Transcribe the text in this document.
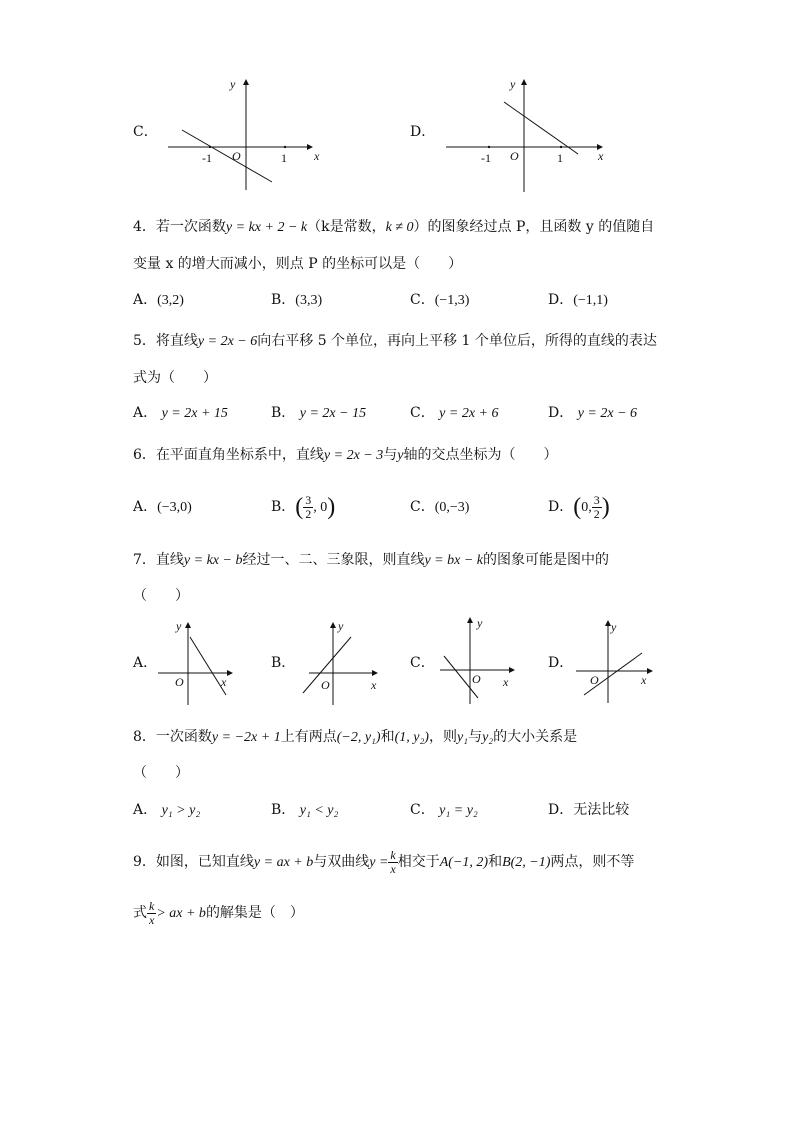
C．
y
O	x
-1	1
D．
y
O	x
-1	1
4．若一次函数y = kx + 2 − k（k是常数，k ≠ 0）的图象经过点 P，且函数 y 的值随自
变量 x 的增大而减小，则点 P 的坐标可以是（　　）
A．(3,2)	B．(3,3)	C．(−1,3)	D．(−1,1)
5．将直线y = 2x − 6向右平移 5 个单位，再向上平移 1 个单位后，所得的直线的表达
式为（　　）
A． y = 2x + 15	B． y = 2x − 15	C． y = 2x + 6	D． y = 2x − 6
6．在平面直角坐标系中，直线y = 2x − 3与y轴的交点坐标为（　　）
A．(−3,0)	B．( $\frac{3}{2}$ , 0)	C．(0,−3)	D．(0, $\frac{3}{2}$ )
7．直线y = kx − b经过一、二、三象限，则直线y = bx − k的图象可能是图中的
（　　）
A．
y
O	x
B．
y
O	x
C．
y
O x
D．
y
O	x
8．一次函数y = −2x + 1上有两点(−2, y₁)和(1, y₂)，则y₁与y₂的大小关系是
（　　）
A． y₁ > y₂	B． y₁ < y₂	C． y₁ = y₂	D．无法比较
9．如图，已知直线y = ax + b与双曲线$y = \frac{k}{x}$ 相交于A(−1, 2)和B(2, −1)两点，则不等
式 $\frac{k}{x}$ > ax + b的解集是（　）
